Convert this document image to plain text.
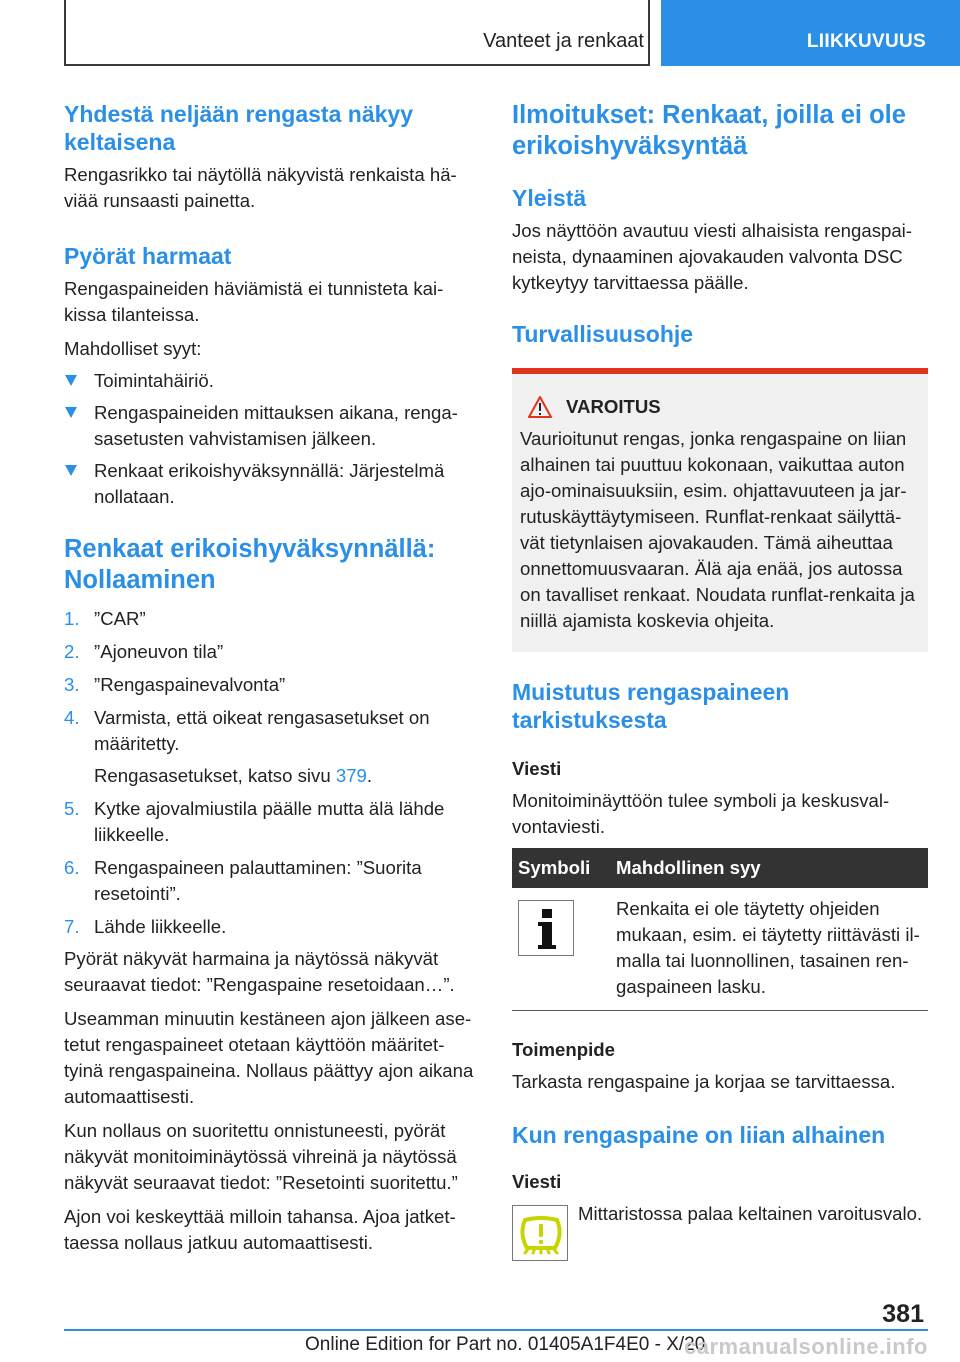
Vanteet ja renkaat	LIIKKUVUUS
Yhdestä neljään rengasta näkyy keltaisena
Rengasrikko tai näytöllä näkyvistä renkaista hä-viää runsaasti painetta.
Pyörät harmaat
Rengaspaineiden häviämistä ei tunnisteta kai-kissa tilanteissa.
Mahdolliset syyt:
Toimintahäiriö.
Rengaspaineiden mittauksen aikana, renga-sasetusten vahvistamisen jälkeen.
Renkaat erikoishyväksynnällä: Järjestelmä nollataan.
Renkaat erikoishyväksynnällä: Nollaaminen
1. ”CAR”
2. ”Ajoneuvon tila”
3. ”Rengaspainevalvonta”
4. Varmista, että oikeat rengasasetukset on määritetty.
Rengasasetukset, katso sivu 379.
5. Kytke ajovalmiustila päälle mutta älä lähde liikkeelle.
6. Rengaspaineen palauttaminen: ”Suorita resetointi”.
7. Lähde liikkeelle.
Pyörät näkyvät harmaina ja näytössä näkyvät seuraavat tiedot: ”Rengaspaine resetoidaan…”.
Useamman minuutin kestäneen ajon jälkeen ase-tetut rengaspaineet otetaan käyttöön määritet-tyinä rengaspaineina. Nollaus päättyy ajon aikana automaattisesti.
Kun nollaus on suoritettu onnistuneesti, pyörät näkyvät monitoiminäytössä vihreinä ja näytössä näkyvät seuraavat tiedot: ”Resetointi suoritettu.”
Ajon voi keskeyttää milloin tahansa. Ajoa jatket-taessa nollaus jatkuu automaattisesti.
Ilmoitukset: Renkaat, joilla ei ole erikoishyväksyntää
Yleistä
Jos näyttöön avautuu viesti alhaisista rengaspai-neista, dynaaminen ajovakauden valvonta DSC kytkeytyy tarvittaessa päälle.
Turvallisuusohje
VAROITUS
Vaurioitunut rengas, jonka rengaspaine on liian alhainen tai puuttuu kokonaan, vaikuttaa auton ajo-ominaisuuksiin, esim. ohjattavuuteen ja jar-rutuskäyttäytymiseen. Runflat-renkaat säilyttä-vät tietynlaisen ajovakauden. Tämä aiheuttaa onnettomuusvaaran. Älä aja enää, jos autossa on tavalliset renkaat. Noudata runflat-renkaita ja niillä ajamista koskevia ohjeita.
Muistutus rengaspaineen tarkistuksesta
Viesti
Monitoiminäyttöön tulee symboli ja keskusval-vontaviesti.
Symboli	Mahdollinen syy

	Renkaita ei ole täytetty ohjeiden mukaan, esim. ei täytetty riittävästi il-malla tai luonnollinen, tasainen ren-gaspaineen lasku.
Toimenpide
Tarkasta rengaspaine ja korjaa se tarvittaessa.
Kun rengaspaine on liian alhainen
Viesti
Mittaristossa palaa keltainen varoitusvalo.
381
Online Edition for Part no. 01405A1F4E0 - X/20
carmanualsonline.info
